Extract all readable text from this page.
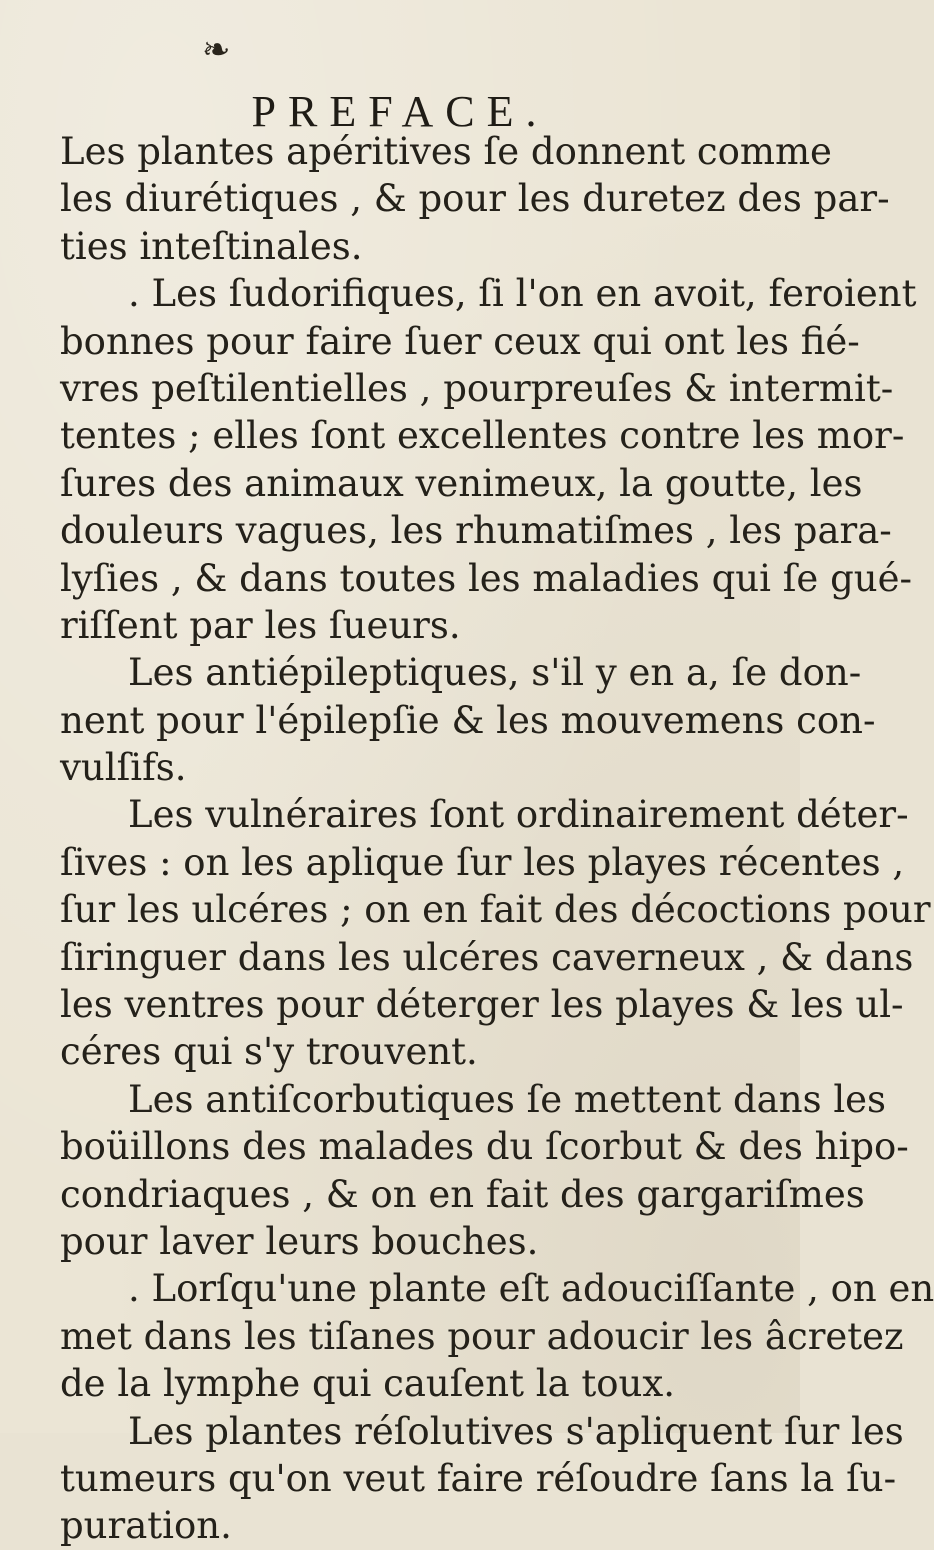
❧
PREFACE.
Les plantes apéritives ſe donnent comme
les diurétiques , & pour les duretez des par-
ties inteſtinales.
. Les ſudorifiques, ſi l'on en avoit, feroient
bonnes pour faire ſuer ceux qui ont les fié-
vres peſtilentielles , pourpreuſes & intermit-
tentes ; elles ſont excellentes contre les mor-
ſures des animaux venimeux, la goutte, les
douleurs vagues, les rhumatiſmes , les para-
lyſies , & dans toutes les maladies qui ſe gué-
riſſent par les ſueurs.
Les antiépileptiques, s'il y en a, ſe don-
nent pour l'épilepſie & les mouvemens con-
vulſifs.
Les vulnéraires ſont ordinairement déter-
ſives : on les aplique ſur les playes récentes ,
ſur les ulcéres ; on en fait des décoctions pour
ſiringuer dans les ulcéres caverneux , & dans
les ventres pour déterger les playes & les ul-
céres qui s'y trouvent.
Les antiſcorbutiques ſe mettent dans les
boüillons des malades du ſcorbut & des hipo-
condriaques , & on en fait des gargariſmes
pour laver leurs bouches.
. Lorſqu'une plante eſt adouciſſante , on en
met dans les tiſanes pour adoucir les âcretez
de la lymphe qui cauſent la toux.
Les plantes réſolutives s'apliquent ſur les
tumeurs qu'on veut faire réſoudre ſans la ſu-
puration.
